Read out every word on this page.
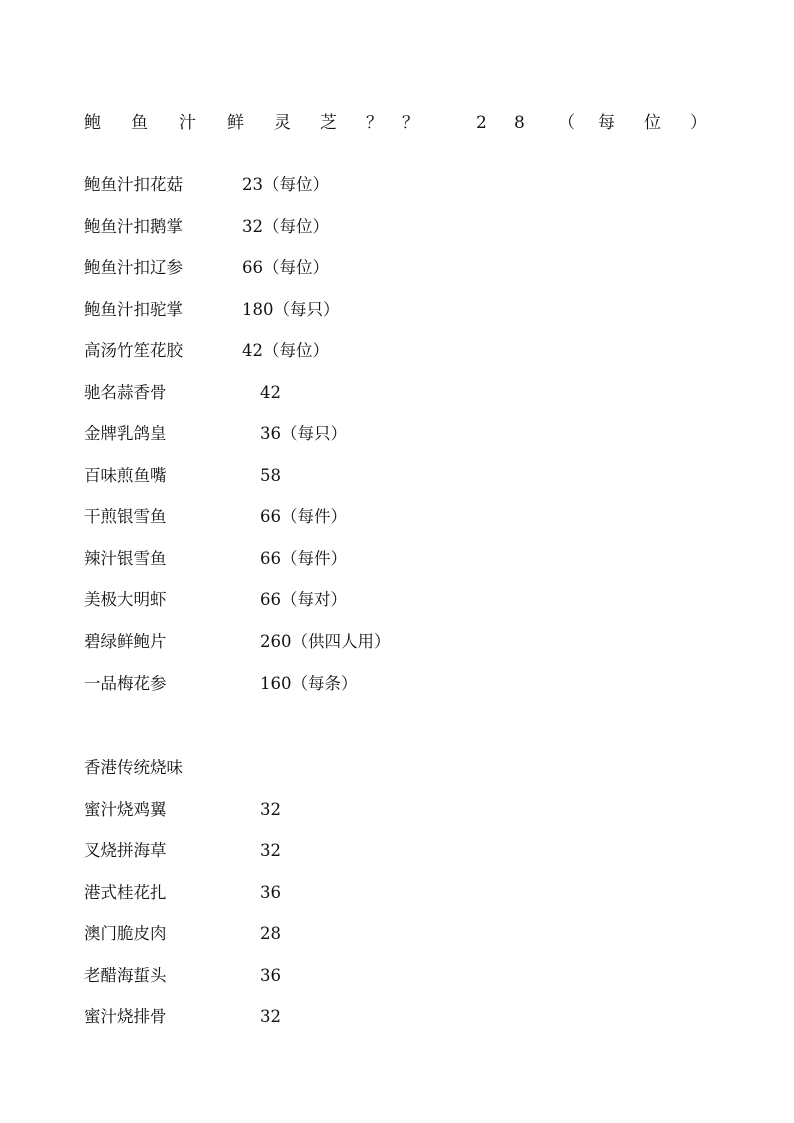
鲍 鱼 汁 鲜 灵 芝 ？ ？	2 8 （ 每 位 ）
鲍鱼汁扣花菇	23（每位）
鲍鱼汁扣鹅掌	32（每位）
鲍鱼汁扣辽参	66（每位）
鲍鱼汁扣驼掌	180（每只）
高汤竹笙花胶	42（每位）
驰名蒜香骨	42
金牌乳鸽皇	36（每只）
百味煎鱼嘴	58
干煎银雪鱼	66（每件）
辣汁银雪鱼	66（每件）
美极大明虾	66（每对）
碧绿鲜鲍片	260（供四人用）
一品梅花参	160（每条）
香港传统烧味
蜜汁烧鸡翼	32
叉烧拼海草	32
港式桂花扎	36
澳门脆皮肉	28
老醋海蜇头	36
蜜汁烧排骨	32
